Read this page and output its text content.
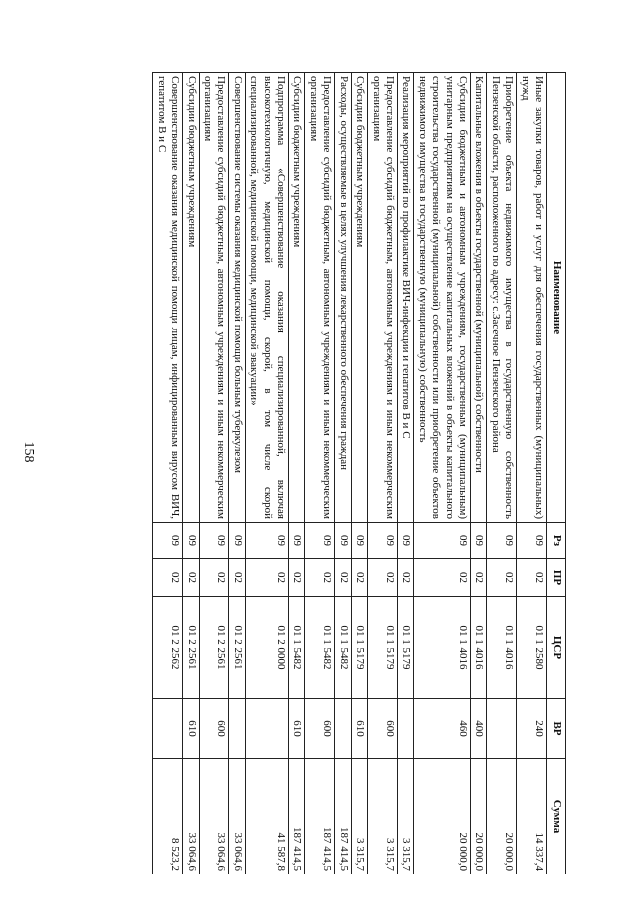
158
Наименование	Рз	ПР	ЦСР	ВР	Сумма
Иные закупки товаров, работ и услуг для обеспечения государственных (муниципальных) нужд	09	02	01 1 2580	240	14 337,4
Приобретение объекта недвижимого имущества в государственную собственность Пензенской области, расположенного по адресу: с.Засечное Пензенского района	09	02	01 1 4016		20 000,0
Капитальные вложения в объекты государственной (муниципальной) собственности	09	02	01 1 4016	400	20 000,0
Субсидии бюджетным и автономным учреждениям, государственным (муниципальным) унитарным предприятиям на осуществление капитальных вложений в объекты капитального строительства государственной (муниципальной) собственности или приобретение объектов недвижимого имущества в государственную (муниципальную) собственность	09	02	01 1 4016	460	20 000,0
Реализация мероприятий по профилактике ВИЧ-инфекции и гепатитов В и С	09	02	01 1 5179		3 315,7
Предоставление субсидий бюджетным, автономным учреждениям и иным некоммерческим организациям	09	02	01 1 5179	600	3 315,7
Субсидии бюджетным учреждениям	09	02	01 1 5179	610	3 315,7
Расходы, осуществляемые в целях улучшения лекарственного обеспечения граждан	09	02	01 1 5482		187 414,5
Предоставление субсидий бюджетным, автономным учреждениям и иным некоммерческим организациям	09	02	01 1 5482	600	187 414,5
Субсидии бюджетным учреждениям	09	02	01 1 5482	610	187 414,5
Подпрограмма «Совершенствование оказания специализированной, включая высокотехнологичную, медицинской помощи, скорой, в том числе скорой специализированной, медицинской помощи, медицинской эвакуации»	09	02	01 2 0000		41 587,8
Совершенствование системы оказания медицинской помощи больным туберкулезом	09	02	01 2 2561		33 064,6
Предоставление субсидий бюджетным, автономным учреждениям и иным некоммерческим организациям	09	02	01 2 2561	600	33 064,6
Субсидии бюджетным учреждениям	09	02	01 2 2561	610	33 064,6
Совершенствование оказания медицинской помощи лицам, инфицированным вирусом ВИЧ, гепатитом В и С	09	02	01 2 2562		8 523,2
